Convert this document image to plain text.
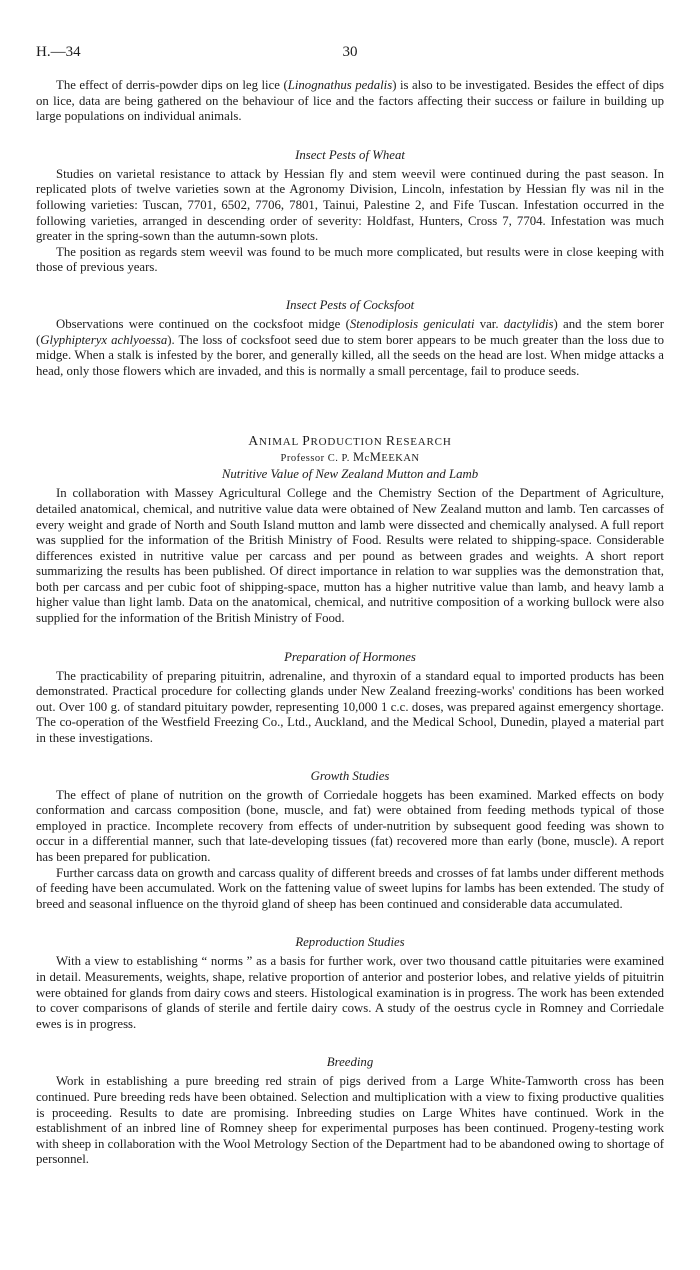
H.—34	30

The effect of derris-powder dips on leg lice (Linognathus pedalis) is also to be investigated. Besides the effect of dips on lice, data are being gathered on the behaviour of lice and the factors affecting their success or failure in building up large populations on individual animals.

Insect Pests of Wheat

Studies on varietal resistance to attack by Hessian fly and stem weevil were continued during the past season. In replicated plots of twelve varieties sown at the Agronomy Division, Lincoln, infestation by Hessian fly was nil in the following varieties: Tuscan, 7701, 6502, 7706, 7801, Tainui, Palestine 2, and Fife Tuscan. Infestation occurred in the following varieties, arranged in descending order of severity: Holdfast, Hunters, Cross 7, 7704. Infestation was much greater in the spring-sown than the autumn-sown plots.

The position as regards stem weevil was found to be much more complicated, but results were in close keeping with those of previous years.

Insect Pests of Cocksfoot

Observations were continued on the cocksfoot midge (Stenodiplosis geniculati var. dactylidis) and the stem borer (Glyphipteryx achlyoessa). The loss of cocksfoot seed due to stem borer appears to be much greater than the loss due to midge. When a stalk is infested by the borer, and generally killed, all the seeds on the head are lost. When midge attacks a head, only those flowers which are invaded, and this is normally a small percentage, fail to produce seeds.

ANIMAL PRODUCTION RESEARCH
Professor C. P. McMEEKAN
Nutritive Value of New Zealand Mutton and Lamb

In collaboration with Massey Agricultural College and the Chemistry Section of the Department of Agriculture, detailed anatomical, chemical, and nutritive value data were obtained of New Zealand mutton and lamb. Ten carcasses of every weight and grade of North and South Island mutton and lamb were dissected and chemically analysed. A full report was supplied for the information of the British Ministry of Food. Results were related to shipping-space. Considerable differences existed in nutritive value per carcass and per pound as between grades and weights. A short report summarizing the results has been published. Of direct importance in relation to war supplies was the demonstration that, both per carcass and per cubic foot of shipping-space, mutton has a higher nutritive value than lamb, and heavy lamb a higher value than light lamb. Data on the anatomical, chemical, and nutritive composition of a working bullock were also supplied for the information of the British Ministry of Food.

Preparation of Hormones

The practicability of preparing pituitrin, adrenaline, and thyroxin of a standard equal to imported products has been demonstrated. Practical procedure for collecting glands under New Zealand freezing-works' conditions has been worked out. Over 100 g. of standard pituitary powder, representing 10,000 1 c.c. doses, was prepared against emergency shortage. The co-operation of the Westfield Freezing Co., Ltd., Auckland, and the Medical School, Dunedin, played a material part in these investigations.

Growth Studies

The effect of plane of nutrition on the growth of Corriedale hoggets has been examined. Marked effects on body conformation and carcass composition (bone, muscle, and fat) were obtained from feeding methods typical of those employed in practice. Incomplete recovery from effects of under-nutrition by subsequent good feeding was shown to occur in a differential manner, such that late-developing tissues (fat) recovered more than early (bone, muscle). A report has been prepared for publication.

Further carcass data on growth and carcass quality of different breeds and crosses of fat lambs under different methods of feeding have been accumulated. Work on the fattening value of sweet lupins for lambs has been extended. The study of breed and seasonal influence on the thyroid gland of sheep has been continued and considerable data accumulated.

Reproduction Studies

With a view to establishing “ norms ” as a basis for further work, over two thousand cattle pituitaries were examined in detail. Measurements, weights, shape, relative proportion of anterior and posterior lobes, and relative yields of pituitrin were obtained for glands from dairy cows and steers. Histological examination is in progress. The work has been extended to cover comparisons of glands of sterile and fertile dairy cows. A study of the oestrus cycle in Romney and Corriedale ewes is in progress.

Breeding

Work in establishing a pure breeding red strain of pigs derived from a Large White-Tamworth cross has been continued. Pure breeding reds have been obtained. Selection and multiplication with a view to fixing productive qualities is proceeding. Results to date are promising. Inbreeding studies on Large Whites have continued. Work in the establishment of an inbred line of Romney sheep for experimental purposes has been continued. Progeny-testing work with sheep in collaboration with the Wool Metrology Section of the Department had to be abandoned owing to shortage of personnel.
